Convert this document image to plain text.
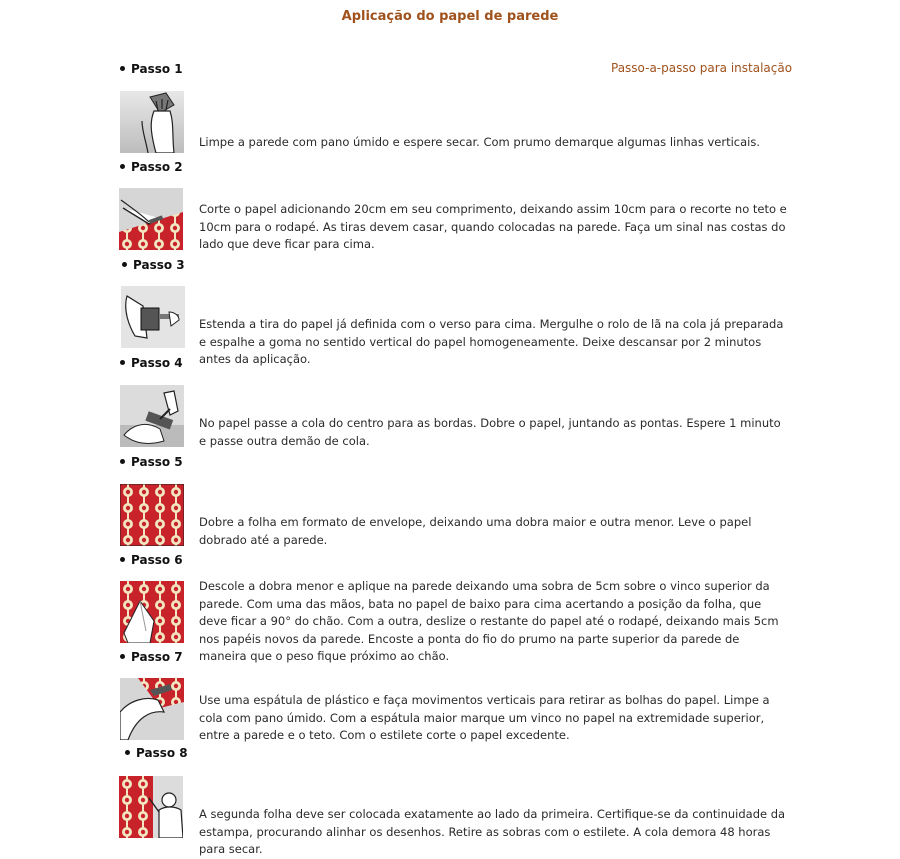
Aplicação do papel de parede
Passo-a-passo para instalação
Passo 1
Limpe a parede com pano úmido e espere secar. Com prumo demarque algumas linhas verticais.
Passo 2
Corte o papel adicionando 20cm em seu comprimento, deixando assim 10cm para o recorte no teto e 10cm para o rodapé. As tiras devem casar, quando colocadas na parede. Faça um sinal nas costas do lado que deve ficar para cima.
Passo 3
Estenda a tira do papel já definida com o verso para cima. Mergulhe o rolo de lã na cola já preparada e espalhe a goma no sentido vertical do papel homogeneamente. Deixe descansar por 2 minutos antes da aplicação.
Passo 4
No papel passe a cola do centro para as bordas. Dobre o papel, juntando as pontas. Espere 1 minuto e passe outra demão de cola.
Passo 5
Dobre a folha em formato de envelope, deixando uma dobra maior e outra menor. Leve o papel dobrado até a parede.
Passo 6
Descole a dobra menor e aplique na parede deixando uma sobra de 5cm sobre o vinco superior da parede. Com uma das mãos, bata no papel de baixo para cima acertando a posição da folha, que deve ficar a 90° do chão. Com a outra, deslize o restante do papel até o rodapé, deixando mais 5cm nos papéis novos da parede. Encoste a ponta do fio do prumo na parte superior da parede de maneira que o peso fique próximo ao chão.
Passo 7
Use uma espátula de plástico e faça movimentos verticais para retirar as bolhas do papel. Limpe a cola com pano úmido. Com a espátula maior marque um vinco no papel na extremidade superior, entre a parede e o teto. Com o estilete corte o papel excedente.
Passo 8
A segunda folha deve ser colocada exatamente ao lado da primeira. Certifique-se da continuidade da estampa, procurando alinhar os desenhos. Retire as sobras com o estilete. A cola demora 48 horas para secar.
